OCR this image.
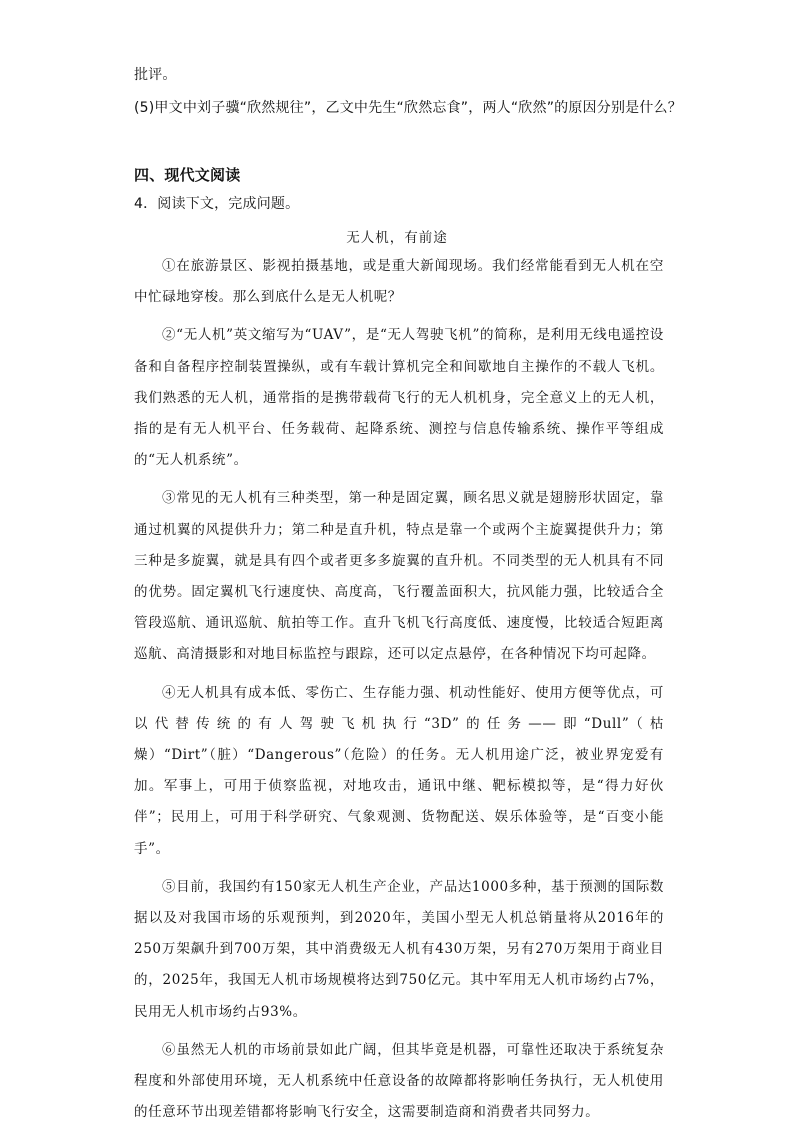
批评。
(5)甲文中刘子骥“欣然规往”，乙文中先生“欣然忘食”，两人“欣然”的原因分别是什么？
四、现代文阅读
4．阅读下文，完成问题。
无人机，有前途

①在旅游景区、影视拍摄基地，或是重大新闻现场。我们经常能看到无人机在空中忙碌地穿梭。那么到底什么是无人机呢？

②“无人机”英文缩写为“UAV”，是“无人驾驶飞机”的简称，是利用无线电遥控设备和自备程序控制装置操纵，或有车载计算机完全和间歇地自主操作的不载人飞机。我们熟悉的无人机，通常指的是携带载荷飞行的无人机机身，完全意义上的无人机，指的是有无人机平台、任务载荷、起降系统、测控与信息传输系统、操作平等组成的“无人机系统”。

③常见的无人机有三种类型，第一种是固定翼，顾名思义就是翅膀形状固定，靠通过机翼的风提供升力；第二种是直升机，特点是靠一个或两个主旋翼提供升力；第三种是多旋翼，就是具有四个或者更多多旋翼的直升机。不同类型的无人机具有不同的优势。固定翼机飞行速度快、高度高，飞行覆盖面积大，抗风能力强，比较适合全管段巡航、通讯巡航、航拍等工作。直升飞机飞行高度低、速度慢，比较适合短距离巡航、高清摄影和对地目标监控与跟踪，还可以定点悬停，在各种情况下均可起降。

④无人机具有成本低、零伤亡、生存能力强、机动性能好、使用方便等优点，可以代替传统的有人驾驶飞机执行“3D”的任务——即“Dull”（枯燥）“Dirt”（脏）“Dangerous”（危险）的任务。无人机用途广泛，被业界宠爱有加。军事上，可用于侦察监视，对地攻击，通讯中继、靶标模拟等，是“得力好伙伴”；民用上，可用于科学研究、气象观测、货物配送、娱乐体验等，是“百变小能手”。

⑤目前，我国约有150家无人机生产企业，产品达1000多种，基于预测的国际数据以及对我国市场的乐观预判，到2020年，美国小型无人机总销量将从2016年的250万架飙升到700万架，其中消费级无人机有430万架，另有270万架用于商业目的，2025年，我国无人机市场规模将达到750亿元。其中军用无人机市场约占7%，民用无人机市场约占93%。

⑥虽然无人机的市场前景如此广阔，但其毕竟是机器，可靠性还取决于系统复杂程度和外部使用环境，无人机系统中任意设备的故障都将影响任务执行，无人机使用的任意环节出现差错都将影响飞行安全，这需要制造商和消费者共同努力。
